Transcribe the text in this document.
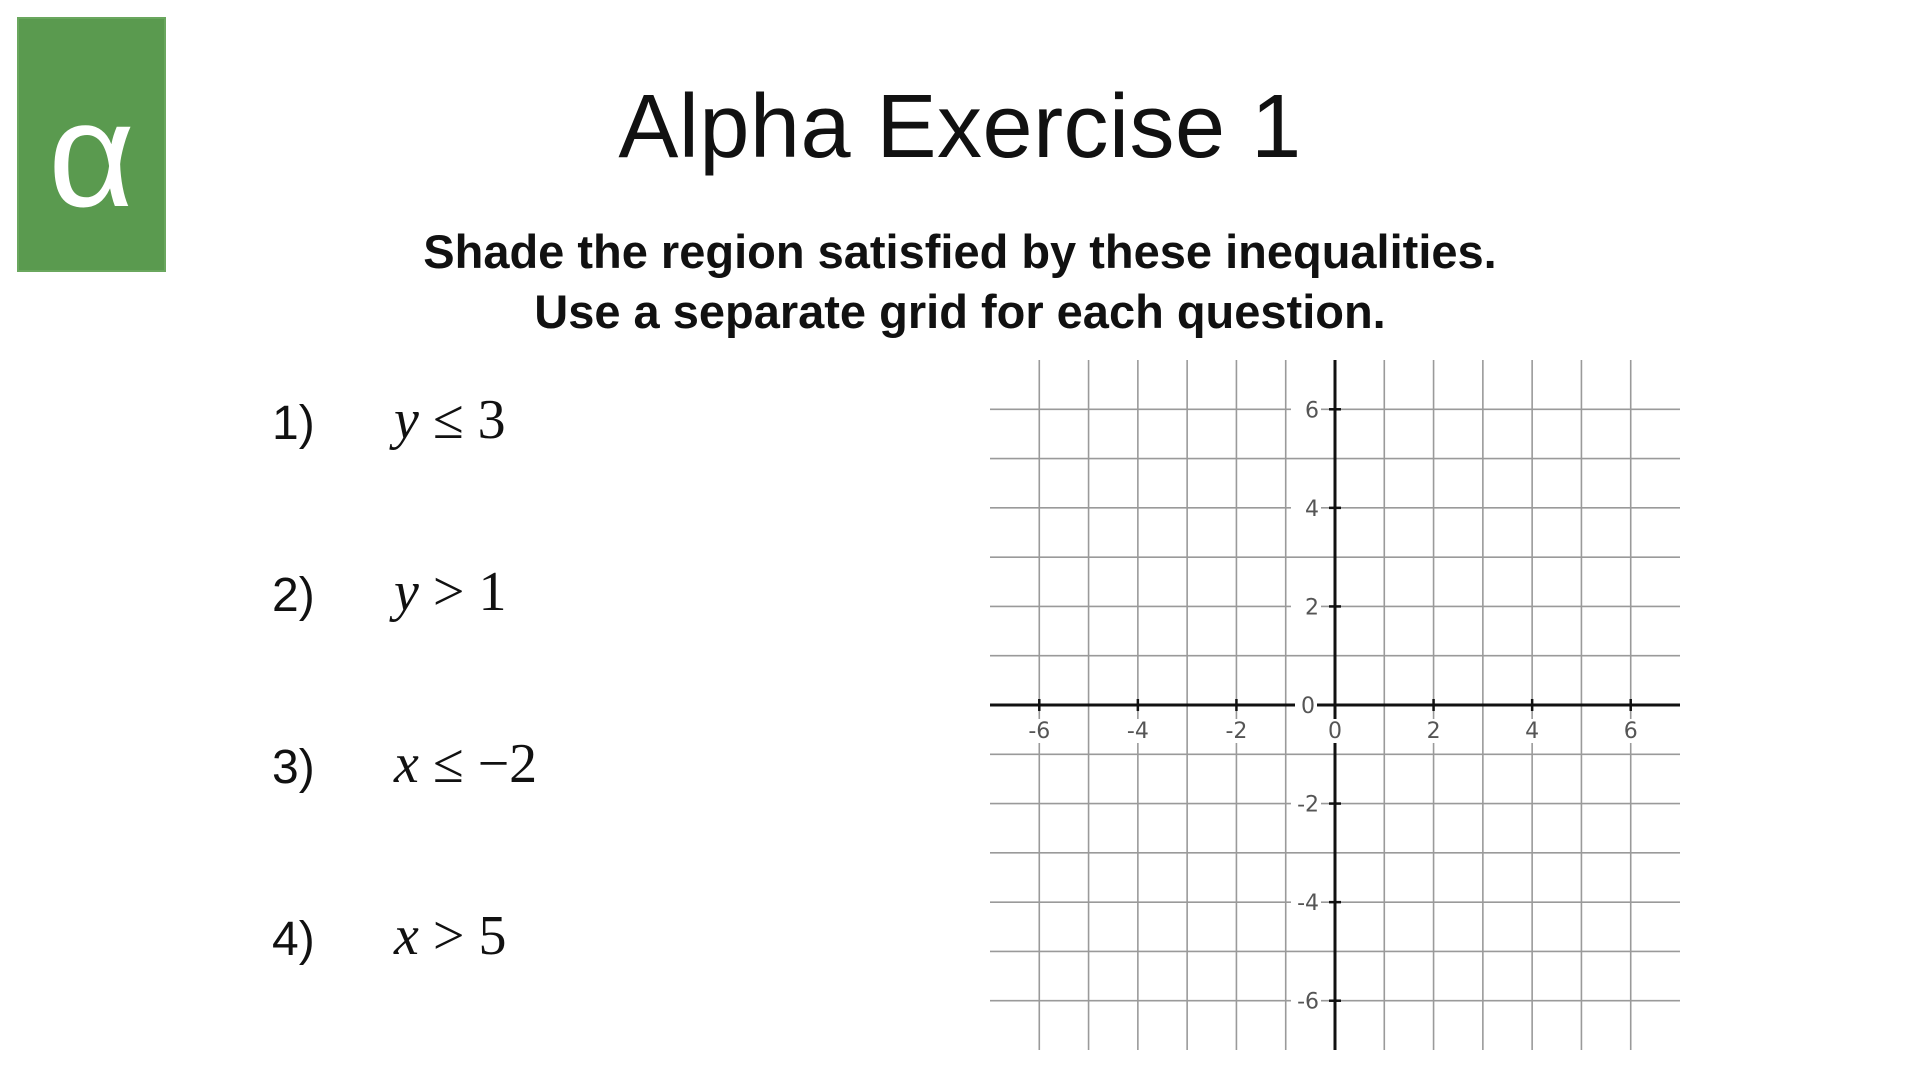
α	Alpha Exercise 1
Shade the region satisfied by these inequalities.
Use a separate grid for each question.
1) y ≤ 3
2) y > 1
3) x ≤ −2
4) x > 5
-6	-4	-2	0	2	4	6
6
4
2
-2
-4
-6
0
